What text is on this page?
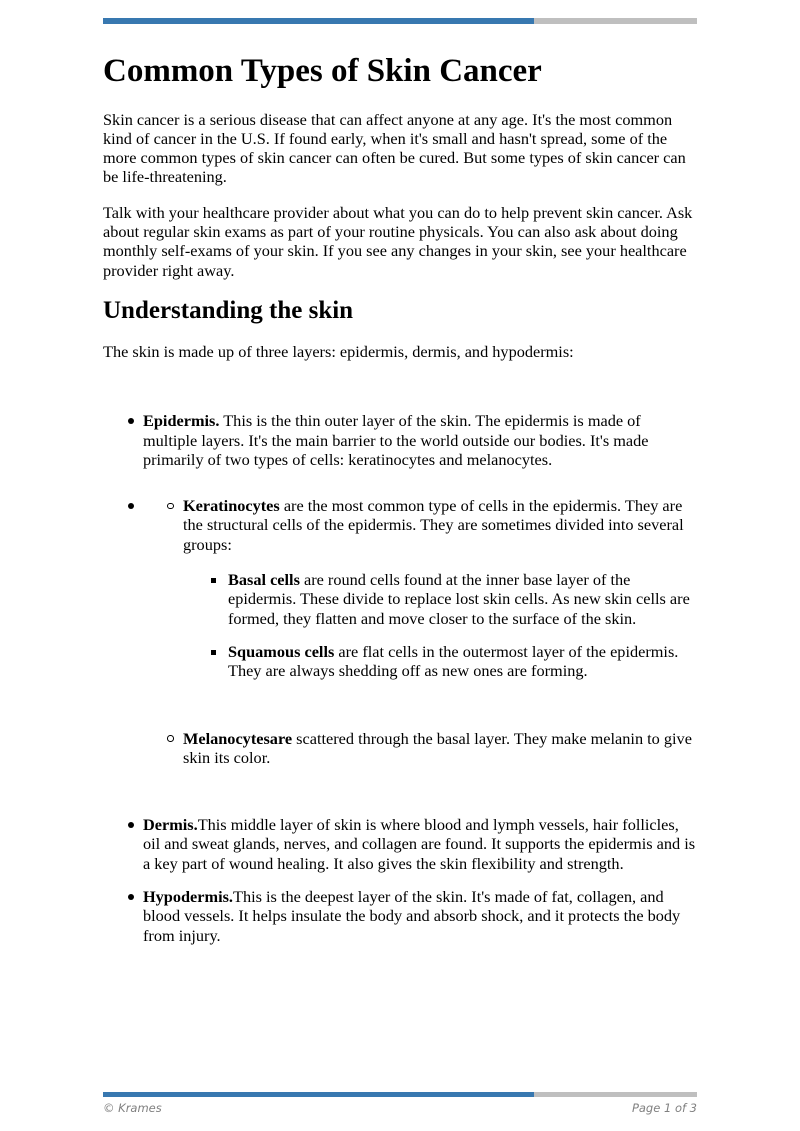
Common Types of Skin Cancer

Skin cancer is a serious disease that can affect anyone at any age. It's the most common kind of cancer in the U.S. If found early, when it's small and hasn't spread, some of the more common types of skin cancer can often be cured. But some types of skin cancer can be life-threatening.

Talk with your healthcare provider about what you can do to help prevent skin cancer. Ask about regular skin exams as part of your routine physicals. You can also ask about doing monthly self-exams of your skin. If you see any changes in your skin, see your healthcare provider right away.

Understanding the skin

The skin is made up of three layers: epidermis, dermis, and hypodermis:

Epidermis. This is the thin outer layer of the skin. The epidermis is made of multiple layers. It's the main barrier to the world outside our bodies. It's made primarily of two types of cells: keratinocytes and melanocytes.
Keratinocytes are the most common type of cells in the epidermis. They are the structural cells of the epidermis. They are sometimes divided into several groups:
Basal cells are round cells found at the inner base layer of the epidermis. These divide to replace lost skin cells. As new skin cells are formed, they flatten and move closer to the surface of the skin.
Squamous cells are flat cells in the outermost layer of the epidermis. They are always shedding off as new ones are forming.
Melanocytesare scattered through the basal layer. They make melanin to give skin its color.
Dermis.This middle layer of skin is where blood and lymph vessels, hair follicles, oil and sweat glands, nerves, and collagen are found. It supports the epidermis and is a key part of wound healing. It also gives the skin flexibility and strength.
Hypodermis.This is the deepest layer of the skin. It's made of fat, collagen, and blood vessels. It helps insulate the body and absorb shock, and it protects the body from injury.
© Krames	Page 1 of 3
